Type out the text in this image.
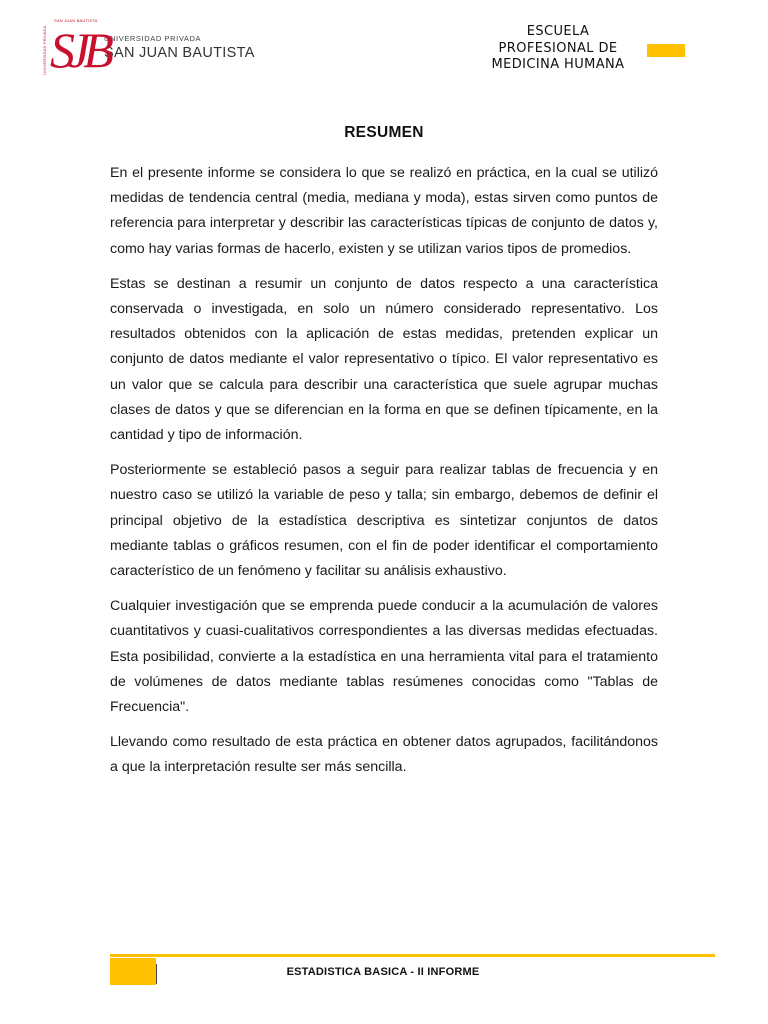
UNIVERSIDAD PRIVADA
SAN JUAN BAUTISTA
SJB
UNIVERSIDAD PRIVADA
SAN JUAN BAUTISTA
ESCUELA
PROFESIONAL DE
MEDICINA HUMANA
RESUMEN

En el presente informe se considera lo que se realizó en práctica, en la cual se utilizó medidas de tendencia central (media, mediana y moda), estas sirven como puntos de referencia para interpretar y describir las características típicas de conjunto de datos y, como hay varias formas de hacerlo, existen y se utilizan varios tipos de promedios.

Estas se destinan a resumir un conjunto de datos respecto a una característica conservada o investigada, en solo un número considerado representativo. Los resultados obtenidos con la aplicación de estas medidas, pretenden explicar un conjunto de datos mediante el valor representativo o típico. El valor representativo es un valor que se calcula para describir una característica que suele agrupar muchas clases de datos y que se diferencian en la forma en que se definen típicamente, en la cantidad y tipo de información.

Posteriormente se estableció pasos a seguir para realizar tablas de frecuencia y en nuestro caso se utilizó la variable de peso y talla; sin embargo, debemos de definir el principal objetivo de la estadística descriptiva es sintetizar conjuntos de datos mediante tablas o gráficos resumen, con el fin de poder identificar el comportamiento característico de un fenómeno y facilitar su análisis exhaustivo.

Cualquier investigación que se emprenda puede conducir a la acumulación de valores cuantitativos y cuasi-cualitativos correspondientes a las diversas medidas efectuadas. Esta posibilidad, convierte a la estadística en una herramienta vital para el tratamiento de volúmenes de datos mediante tablas resúmenes conocidas como "Tablas de Frecuencia".

Llevando como resultado de esta práctica en obtener datos agrupados, facilitándonos a que la interpretación resulte ser más sencilla.

ESTADISTICA BASICA - II INFORME
